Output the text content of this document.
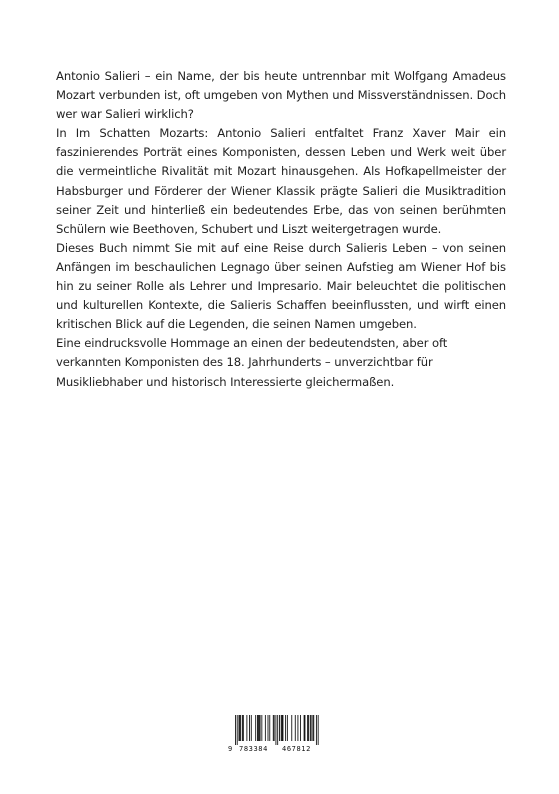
Antonio Salieri – ein Name, der bis heute untrennbar mit Wolfgang Amadeus Mozart verbunden ist, oft umgeben von Mythen und Missverständnissen. Doch wer war Salieri wirklich?

In Im Schatten Mozarts: Antonio Salieri entfaltet Franz Xaver Mair ein faszinierendes Porträt eines Komponisten, dessen Leben und Werk weit über die vermeintliche Rivalität mit Mozart hinausgehen. Als Hofkapellmeister der Habsburger und Förderer der Wiener Klassik prägte Salieri die Musiktradition seiner Zeit und hinterließ ein bedeutendes Erbe, das von seinen berühmten Schülern wie Beethoven, Schubert und Liszt weitergetragen wurde.

Dieses Buch nimmt Sie mit auf eine Reise durch Salieris Leben – von seinen Anfängen im beschaulichen Legnago über seinen Aufstieg am Wiener Hof bis hin zu seiner Rolle als Lehrer und Impresario. Mair beleuchtet die politischen und kulturellen Kontexte, die Salieris Schaffen beeinflussten, und wirft einen kritischen Blick auf die Legenden, die seinen Namen umgeben.

Eine eindrucksvolle Hommage an einen der bedeutendsten, aber oft verkannten Komponisten des 18. Jahrhunderts – unverzichtbar für Musikliebhaber und historisch Interessierte gleichermaßen.

9 783384 467812
